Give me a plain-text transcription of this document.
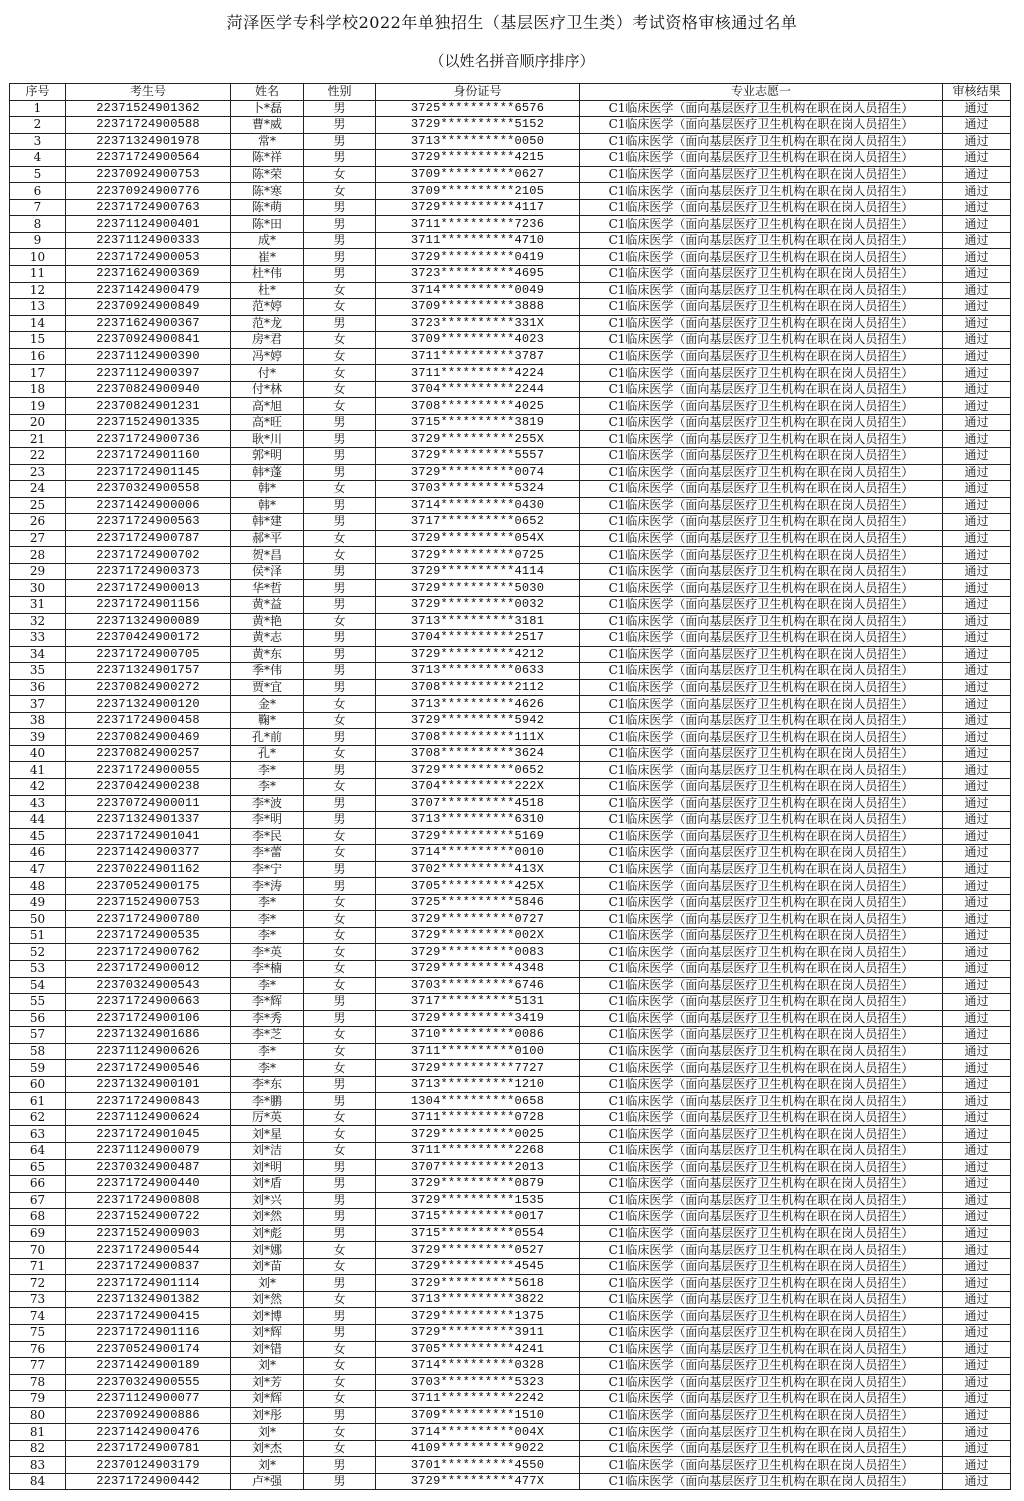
菏泽医学专科学校2022年单独招生（基层医疗卫生类）考试资格审核通过名单
（以姓名拼音顺序排序）
序号	考生号	姓名	性别	身份证号	专业志愿一	审核结果
1	22371524901362	卜*磊	男	3725**********6576	C1临床医学（面向基层医疗卫生机构在职在岗人员招生）	通过
2	22371724900588	曹*威	男	3729**********5152	C1临床医学（面向基层医疗卫生机构在职在岗人员招生）	通过
3	22371324901978	常*	男	3713**********0050	C1临床医学（面向基层医疗卫生机构在职在岗人员招生）	通过
4	22371724900564	陈*祥	男	3729**********4215	C1临床医学（面向基层医疗卫生机构在职在岗人员招生）	通过
5	22370924900753	陈*荣	女	3709**********0627	C1临床医学（面向基层医疗卫生机构在职在岗人员招生）	通过
6	22370924900776	陈*寒	女	3709**********2105	C1临床医学（面向基层医疗卫生机构在职在岗人员招生）	通过
7	22371724900763	陈*萌	男	3729**********4117	C1临床医学（面向基层医疗卫生机构在职在岗人员招生）	通过
8	22371124900401	陈*田	男	3711**********7236	C1临床医学（面向基层医疗卫生机构在职在岗人员招生）	通过
9	22371124900333	成*	男	3711**********4710	C1临床医学（面向基层医疗卫生机构在职在岗人员招生）	通过
10	22371724900053	崔*	男	3729**********0419	C1临床医学（面向基层医疗卫生机构在职在岗人员招生）	通过
11	22371624900369	杜*伟	男	3723**********4695	C1临床医学（面向基层医疗卫生机构在职在岗人员招生）	通过
12	22371424900479	杜*	女	3714**********0049	C1临床医学（面向基层医疗卫生机构在职在岗人员招生）	通过
13	22370924900849	范*婷	女	3709**********3888	C1临床医学（面向基层医疗卫生机构在职在岗人员招生）	通过
14	22371624900367	范*龙	男	3723**********331X	C1临床医学（面向基层医疗卫生机构在职在岗人员招生）	通过
15	22370924900841	房*君	女	3709**********4023	C1临床医学（面向基层医疗卫生机构在职在岗人员招生）	通过
16	22371124900390	冯*婷	女	3711**********3787	C1临床医学（面向基层医疗卫生机构在职在岗人员招生）	通过
17	22371124900397	付*	女	3711**********4224	C1临床医学（面向基层医疗卫生机构在职在岗人员招生）	通过
18	22370824900940	付*林	女	3704**********2244	C1临床医学（面向基层医疗卫生机构在职在岗人员招生）	通过
19	22370824901231	高*旭	女	3708**********4025	C1临床医学（面向基层医疗卫生机构在职在岗人员招生）	通过
20	22371524901335	高*旺	男	3715**********3819	C1临床医学（面向基层医疗卫生机构在职在岗人员招生）	通过
21	22371724900736	耿*川	男	3729**********255X	C1临床医学（面向基层医疗卫生机构在职在岗人员招生）	通过
22	22371724901160	郭*明	男	3729**********5557	C1临床医学（面向基层医疗卫生机构在职在岗人员招生）	通过
23	22371724901145	韩*蓬	男	3729**********0074	C1临床医学（面向基层医疗卫生机构在职在岗人员招生）	通过
24	22370324900558	韩*	女	3703**********5324	C1临床医学（面向基层医疗卫生机构在职在岗人员招生）	通过
25	22371424900006	韩*	男	3714**********0430	C1临床医学（面向基层医疗卫生机构在职在岗人员招生）	通过
26	22371724900563	韩*建	男	3717**********0652	C1临床医学（面向基层医疗卫生机构在职在岗人员招生）	通过
27	22371724900787	郝*平	女	3729**********054X	C1临床医学（面向基层医疗卫生机构在职在岗人员招生）	通过
28	22371724900702	贺*昌	女	3729**********0725	C1临床医学（面向基层医疗卫生机构在职在岗人员招生）	通过
29	22371724900373	侯*泽	男	3729**********4114	C1临床医学（面向基层医疗卫生机构在职在岗人员招生）	通过
30	22371724900013	华*哲	男	3729**********5030	C1临床医学（面向基层医疗卫生机构在职在岗人员招生）	通过
31	22371724901156	黄*益	男	3729**********0032	C1临床医学（面向基层医疗卫生机构在职在岗人员招生）	通过
32	22371324900089	黄*艳	女	3713**********3181	C1临床医学（面向基层医疗卫生机构在职在岗人员招生）	通过
33	22370424900172	黄*志	男	3704**********2517	C1临床医学（面向基层医疗卫生机构在职在岗人员招生）	通过
34	22371724900705	黄*东	男	3729**********4212	C1临床医学（面向基层医疗卫生机构在职在岗人员招生）	通过
35	22371324901757	季*伟	男	3713**********0633	C1临床医学（面向基层医疗卫生机构在职在岗人员招生）	通过
36	22370824900272	贾*宜	男	3708**********2112	C1临床医学（面向基层医疗卫生机构在职在岗人员招生）	通过
37	22371324900120	金*	女	3713**********4626	C1临床医学（面向基层医疗卫生机构在职在岗人员招生）	通过
38	22371724900458	鞠*	女	3729**********5942	C1临床医学（面向基层医疗卫生机构在职在岗人员招生）	通过
39	22370824900469	孔*前	男	3708**********111X	C1临床医学（面向基层医疗卫生机构在职在岗人员招生）	通过
40	22370824900257	孔*	女	3708**********3624	C1临床医学（面向基层医疗卫生机构在职在岗人员招生）	通过
41	22371724900055	李*	男	3729**********0652	C1临床医学（面向基层医疗卫生机构在职在岗人员招生）	通过
42	22370424900238	李*	女	3704**********222X	C1临床医学（面向基层医疗卫生机构在职在岗人员招生）	通过
43	22370724900011	李*波	男	3707**********4518	C1临床医学（面向基层医疗卫生机构在职在岗人员招生）	通过
44	22371324901337	李*明	男	3713**********6310	C1临床医学（面向基层医疗卫生机构在职在岗人员招生）	通过
45	22371724901041	李*民	女	3729**********5169	C1临床医学（面向基层医疗卫生机构在职在岗人员招生）	通过
46	22371424900377	李*蕾	女	3714**********0010	C1临床医学（面向基层医疗卫生机构在职在岗人员招生）	通过
47	22370224901162	李*宁	男	3702**********413X	C1临床医学（面向基层医疗卫生机构在职在岗人员招生）	通过
48	22370524900175	李*涛	男	3705**********425X	C1临床医学（面向基层医疗卫生机构在职在岗人员招生）	通过
49	22371524900753	李*	女	3725**********5846	C1临床医学（面向基层医疗卫生机构在职在岗人员招生）	通过
50	22371724900780	李*	女	3729**********0727	C1临床医学（面向基层医疗卫生机构在职在岗人员招生）	通过
51	22371724900535	李*	女	3729**********002X	C1临床医学（面向基层医疗卫生机构在职在岗人员招生）	通过
52	22371724900762	李*英	女	3729**********0083	C1临床医学（面向基层医疗卫生机构在职在岗人员招生）	通过
53	22371724900012	李*楠	女	3729**********4348	C1临床医学（面向基层医疗卫生机构在职在岗人员招生）	通过
54	22370324900543	李*	女	3703**********6746	C1临床医学（面向基层医疗卫生机构在职在岗人员招生）	通过
55	22371724900663	李*辉	男	3717**********5131	C1临床医学（面向基层医疗卫生机构在职在岗人员招生）	通过
56	22371724900106	李*秀	男	3729**********3419	C1临床医学（面向基层医疗卫生机构在职在岗人员招生）	通过
57	22371324901686	李*芝	女	3710**********0086	C1临床医学（面向基层医疗卫生机构在职在岗人员招生）	通过
58	22371124900626	李*	女	3711**********0100	C1临床医学（面向基层医疗卫生机构在职在岗人员招生）	通过
59	22371724900546	李*	女	3729**********7727	C1临床医学（面向基层医疗卫生机构在职在岗人员招生）	通过
60	22371324900101	李*东	男	3713**********1210	C1临床医学（面向基层医疗卫生机构在职在岗人员招生）	通过
61	22371724900843	李*鹏	男	1304**********0658	C1临床医学（面向基层医疗卫生机构在职在岗人员招生）	通过
62	22371124900624	厉*英	女	3711**********0728	C1临床医学（面向基层医疗卫生机构在职在岗人员招生）	通过
63	22371724901045	刘*星	女	3729**********0025	C1临床医学（面向基层医疗卫生机构在职在岗人员招生）	通过
64	22371124900079	刘*洁	女	3711**********2268	C1临床医学（面向基层医疗卫生机构在职在岗人员招生）	通过
65	22370324900487	刘*明	男	3707**********2013	C1临床医学（面向基层医疗卫生机构在职在岗人员招生）	通过
66	22371724900440	刘*盾	男	3729**********0879	C1临床医学（面向基层医疗卫生机构在职在岗人员招生）	通过
67	22371724900808	刘*兴	男	3729**********1535	C1临床医学（面向基层医疗卫生机构在职在岗人员招生）	通过
68	22371524900722	刘*然	男	3715**********0017	C1临床医学（面向基层医疗卫生机构在职在岗人员招生）	通过
69	22371524900903	刘*彪	男	3715**********0554	C1临床医学（面向基层医疗卫生机构在职在岗人员招生）	通过
70	22371724900544	刘*娜	女	3729**********0527	C1临床医学（面向基层医疗卫生机构在职在岗人员招生）	通过
71	22371724900837	刘*苗	女	3729**********4545	C1临床医学（面向基层医疗卫生机构在职在岗人员招生）	通过
72	22371724901114	刘*	男	3729**********5618	C1临床医学（面向基层医疗卫生机构在职在岗人员招生）	通过
73	22371324901382	刘*然	女	3713**********3822	C1临床医学（面向基层医疗卫生机构在职在岗人员招生）	通过
74	22371724900415	刘*博	男	3729**********1375	C1临床医学（面向基层医疗卫生机构在职在岗人员招生）	通过
75	22371724901116	刘*辉	男	3729**********3911	C1临床医学（面向基层医疗卫生机构在职在岗人员招生）	通过
76	22370524900174	刘*错	女	3705**********4241	C1临床医学（面向基层医疗卫生机构在职在岗人员招生）	通过
77	22371424900189	刘*	女	3714**********0328	C1临床医学（面向基层医疗卫生机构在职在岗人员招生）	通过
78	22370324900555	刘*芳	女	3703**********5323	C1临床医学（面向基层医疗卫生机构在职在岗人员招生）	通过
79	22371124900077	刘*辉	女	3711**********2242	C1临床医学（面向基层医疗卫生机构在职在岗人员招生）	通过
80	22370924900886	刘*彤	男	3709**********1510	C1临床医学（面向基层医疗卫生机构在职在岗人员招生）	通过
81	22371424900476	刘*	女	3714**********004X	C1临床医学（面向基层医疗卫生机构在职在岗人员招生）	通过
82	22371724900781	刘*杰	女	4109**********9022	C1临床医学（面向基层医疗卫生机构在职在岗人员招生）	通过
83	22370124903179	刘*	男	3701**********4550	C1临床医学（面向基层医疗卫生机构在职在岗人员招生）	通过
84	22371724900442	卢*强	男	3729**********477X	C1临床医学（面向基层医疗卫生机构在职在岗人员招生）	通过
